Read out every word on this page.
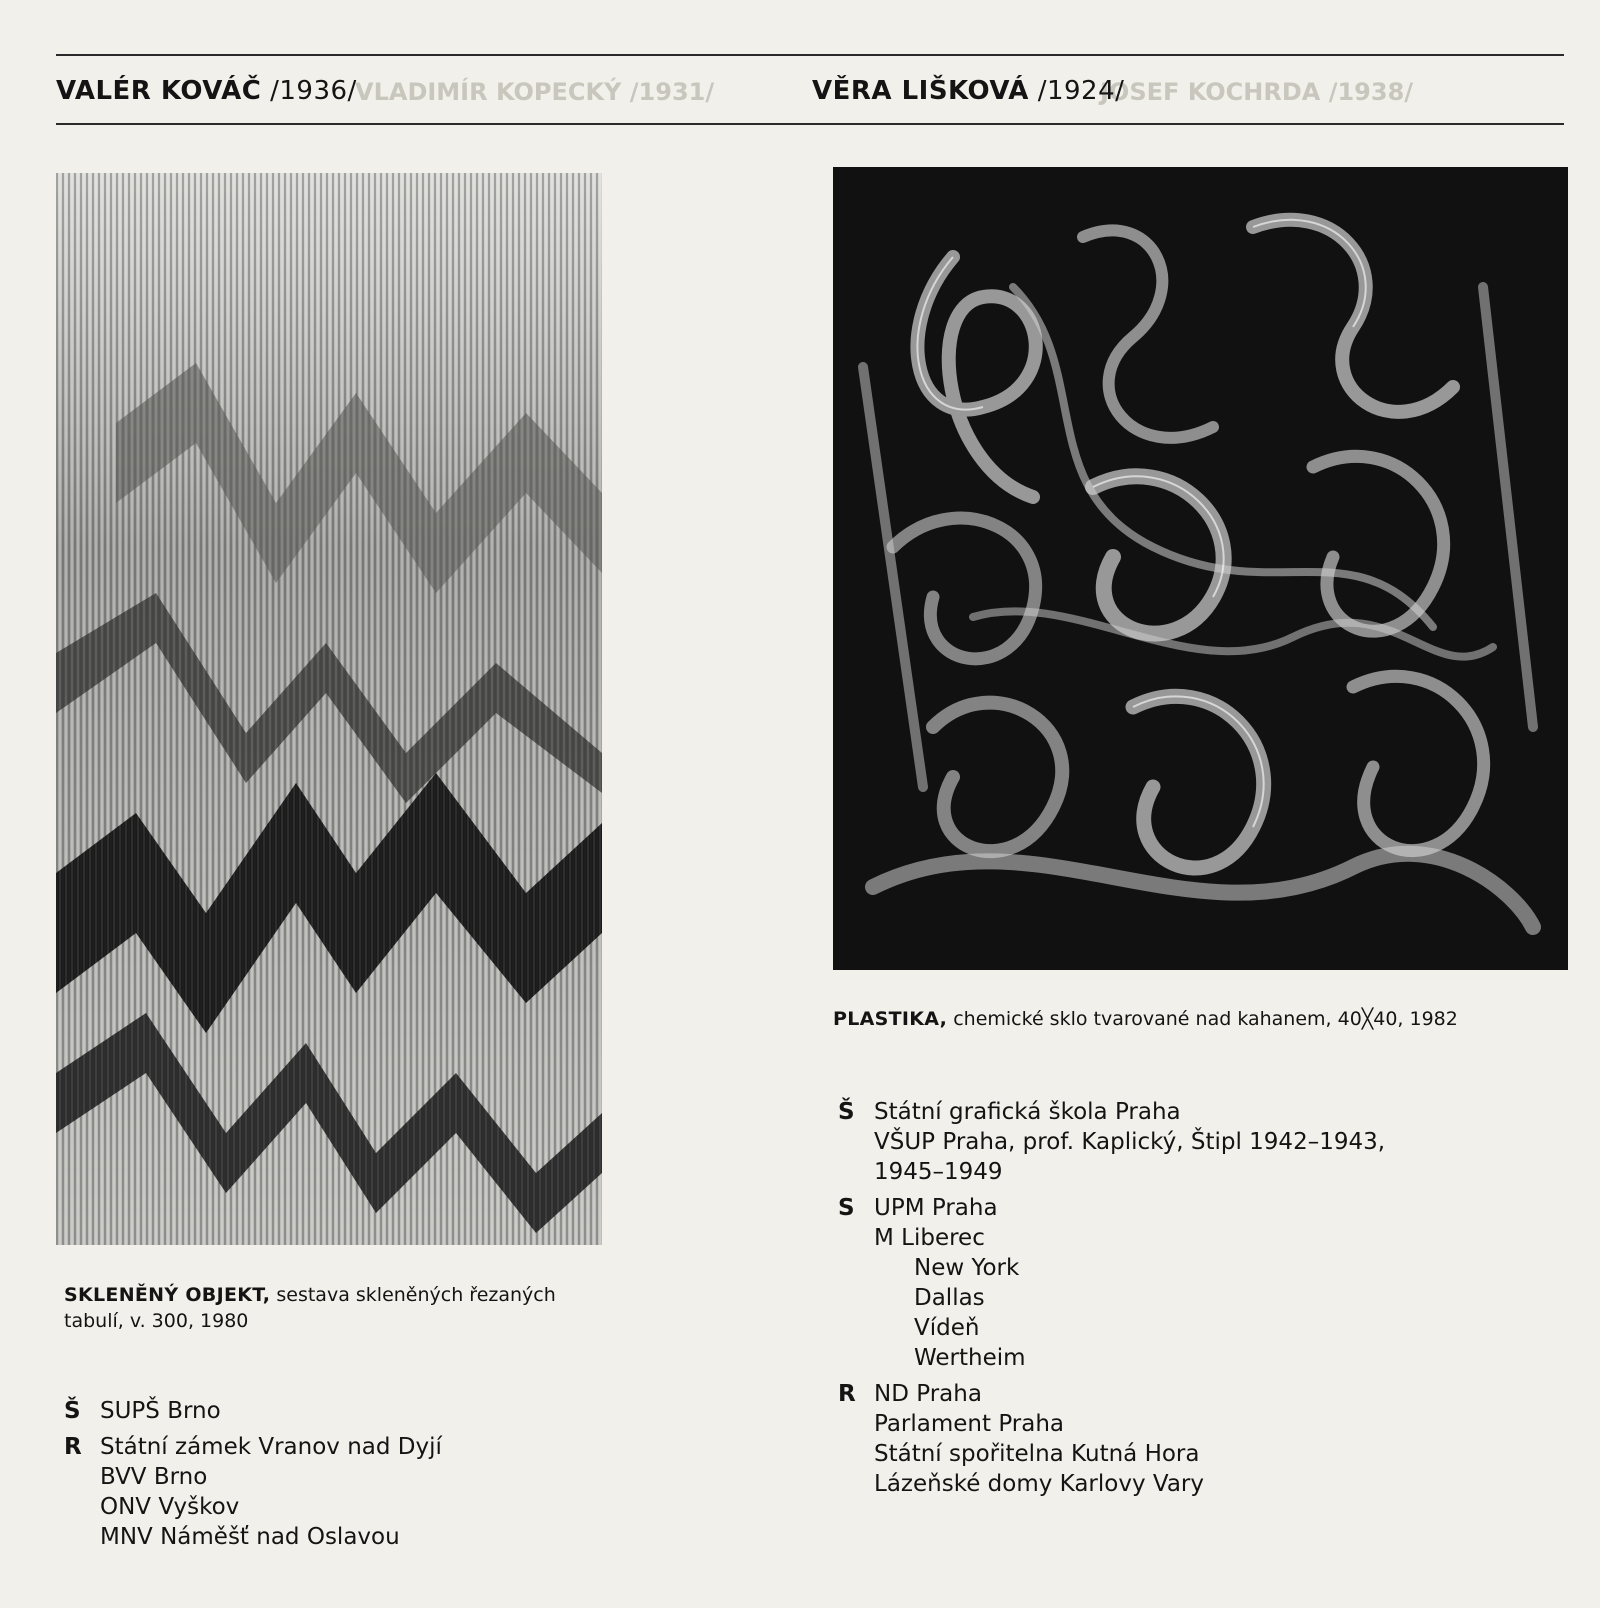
VLADIMÍR KOPECKÝ /1931/	JOSEF KOCHRDA /1938/
VALÉR KOVÁČ /1936/	VĚRA LIŠKOVÁ /1924/
SKLENĚNÝ OBJEKT, sestava skleněných řezaných
tabulí, v. 300, 1980
PLASTIKA, chemické sklo tvarované nad kahanem, 40╳40, 1982
Š SUPŠ Brno
R Státní zámek Vranov nad Dyjí
BVV Brno
ONV Vyškov
MNV Náměšť nad Oslavou
Š Státní grafická škola Praha
VŠUP Praha, prof. Kaplický, Štipl 1942–1943,
1945–1949
S UPM Praha
M Liberec
New York
Dallas
Vídeň
Wertheim
R ND Praha
Parlament Praha
Státní spořitelna Kutná Hora
Lázeňské domy Karlovy Vary
